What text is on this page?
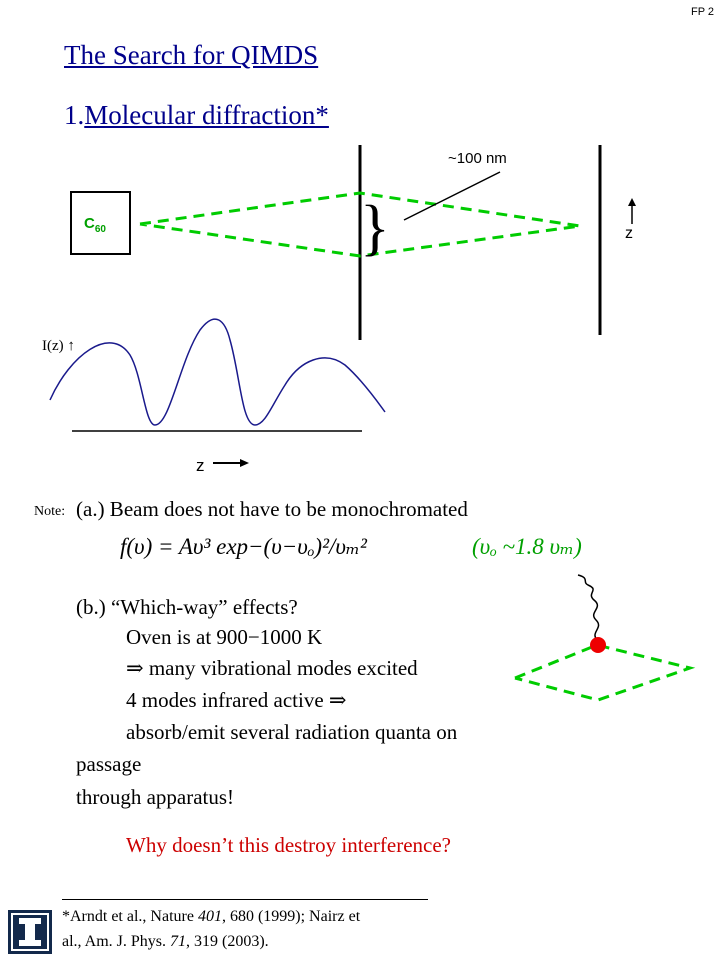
FP 2
The Search for QIMDS
1.Molecular diffraction*
$C_{60}$	}
~100 nm
z
I(z) ↑
z
Note: (a.) Beam does not have to be monochromated
f(υ) = Aυ³ exp−(υ−υₒ)²/υₘ²	(υₒ ~1.8 υₘ)
(b.) “Which-way” effects?
Oven is at 900−1000 K
⇒ many vibrational modes excited
4 modes infrared active ⇒
absorb/emit several radiation quanta on
passage
through apparatus!
Why doesn’t this destroy interference?
*Arndt et al., Nature 401, 680 (1999); Nairz et
al., Am. J. Phys. 71, 319 (2003).
